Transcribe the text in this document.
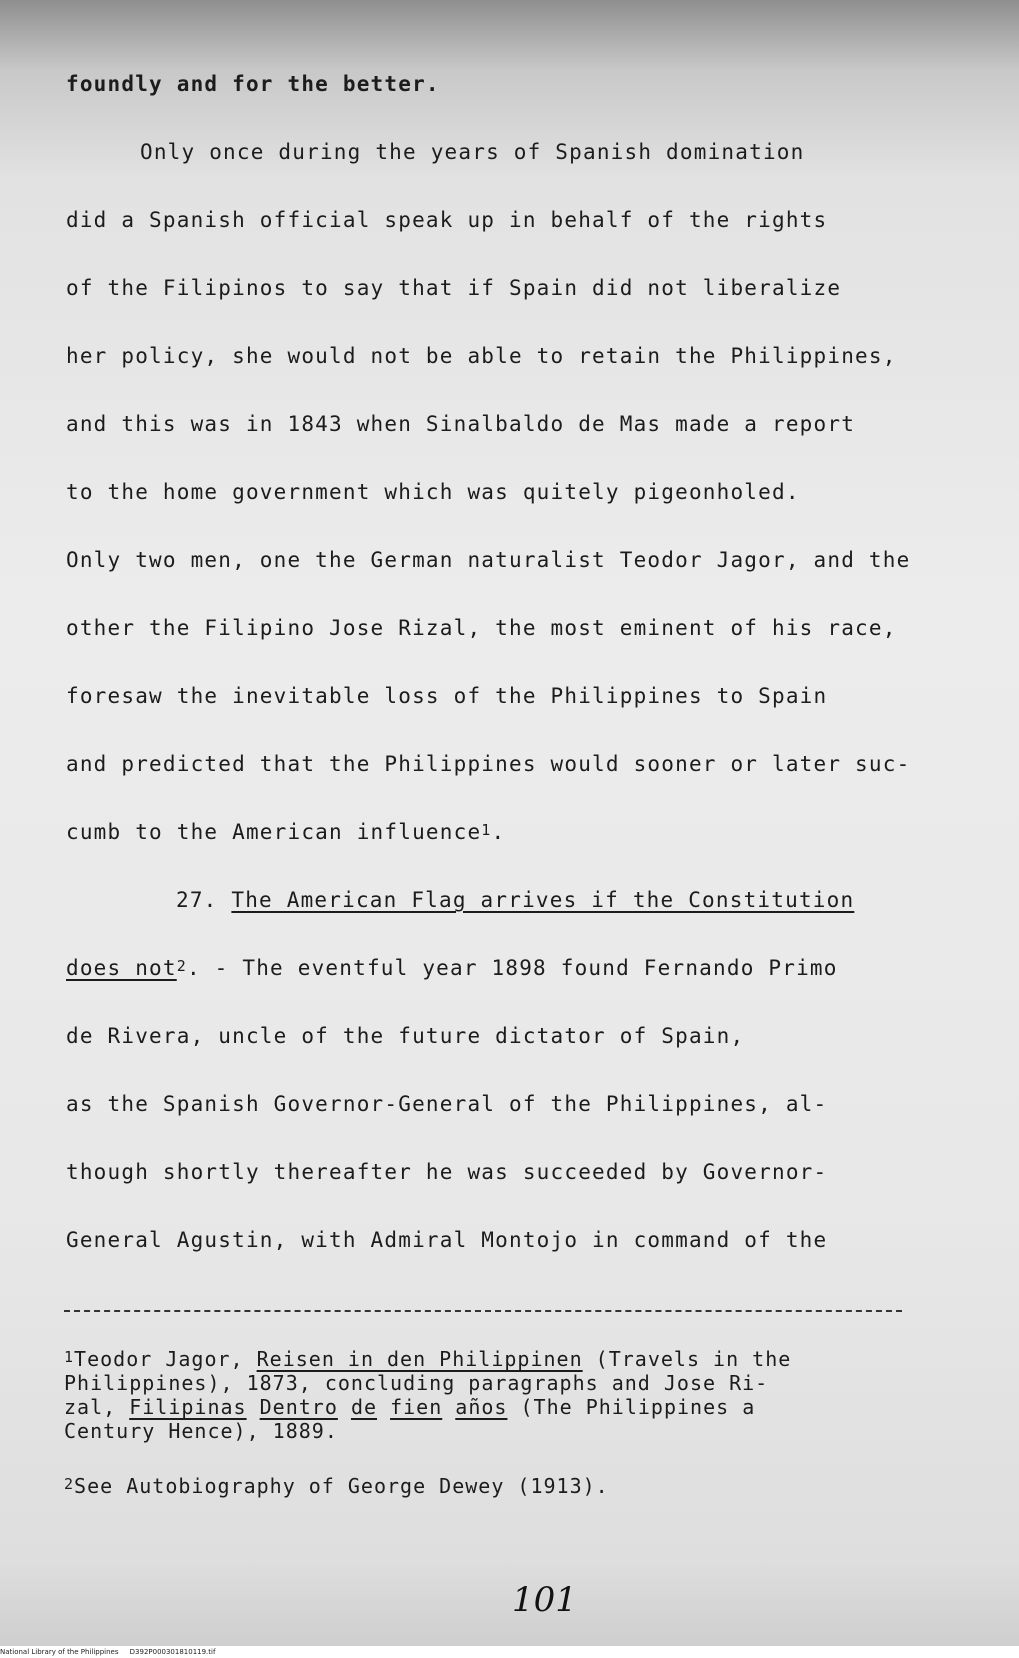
foundly and for the better.
Only once during the years of Spanish domination
did a Spanish official speak up in behalf of the rights
of the Filipinos to say that if Spain did not liberalize
her policy, she would not be able to retain the Philippines,
and this was in 1843 when Sinalbaldo de Mas made a report
to the home government which was quitely pigeonholed.
Only two men, one the German naturalist Teodor Jagor, and the
other the Filipino Jose Rizal, the most eminent of his race,
foresaw the inevitable loss of the Philippines to Spain
and predicted that the Philippines would sooner or later suc-
cumb to the American influence$^1$.
27. The American Flag arrives if the Constitution
does not$^2$. - The eventful year 1898 found Fernando Primo
de Rivera, uncle of the future dictator of Spain,
as the Spanish Governor-General of the Philippines, al-
though shortly thereafter he was succeeded by Governor-
General Agustin, with Admiral Montojo in command of the
$^1$Teodor Jagor, Reisen in den Philippinen (Travels in the
Philippines), 1873, concluding paragraphs and Jose Ri-
zal, Filipinas Dentro de fien años (The Philippines a
Century Hence), 1889.
$^2$See Autobiography of George Dewey (1913).
101
National Library of the Philippines D392P000301810119.tif
